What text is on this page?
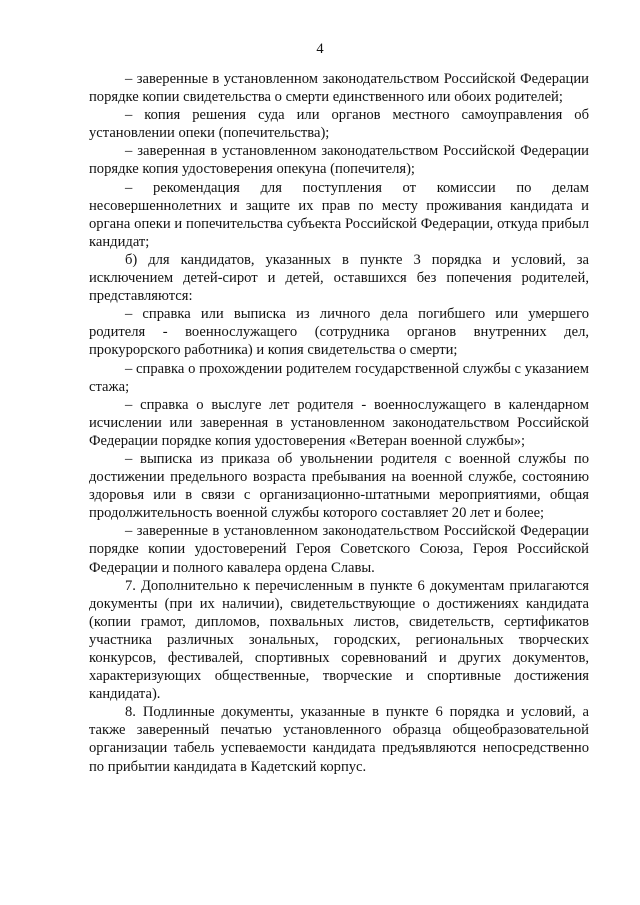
4

– заверенные в установленном законодательством Российской Федерации порядке копии свидетельства о смерти единственного или обоих родителей;

– копия решения суда или органов местного самоуправления об установлении опеки (попечительства);

– заверенная в установленном законодательством Российской Федерации порядке копия удостоверения опекуна (попечителя);

– рекомендация для поступления от комиссии по делам несовершеннолетних и защите их прав по месту проживания кандидата и органа опеки и попечительства субъекта Российской Федерации, откуда прибыл кандидат;

б) для кандидатов, указанных в пункте 3 порядка и условий, за исключением детей-сирот и детей, оставшихся без попечения родителей, представляются:

– справка или выписка из личного дела погибшего или умершего родителя - военнослужащего (сотрудника органов внутренних дел, прокурорского работника) и копия свидетельства о смерти;

– справка о прохождении родителем государственной службы с указанием стажа;

– справка о выслуге лет родителя - военнослужащего в календарном исчислении или заверенная в установленном законодательством Российской Федерации порядке копия удостоверения «Ветеран военной службы»;

– выписка из приказа об увольнении родителя с военной службы по достижении предельного возраста пребывания на военной службе, состоянию здоровья или в связи с организационно-штатными мероприятиями, общая продолжительность военной службы которого составляет 20 лет и более;

– заверенные в установленном законодательством Российской Федерации порядке копии удостоверений Героя Советского Союза, Героя Российской Федерации и полного кавалера ордена Славы.

7. Дополнительно к перечисленным в пункте 6 документам прилагаются документы (при их наличии), свидетельствующие о достижениях кандидата (копии грамот, дипломов, похвальных листов, свидетельств, сертификатов участника различных зональных, городских, региональных творческих конкурсов, фестивалей, спортивных соревнований и других документов, характеризующих общественные, творческие и спортивные достижения кандидата).

8. Подлинные документы, указанные в пункте 6 порядка и условий, а также заверенный печатью установленного образца общеобразовательной организации табель успеваемости кандидата предъявляются непосредственно по прибытии кандидата в Кадетский корпус.
